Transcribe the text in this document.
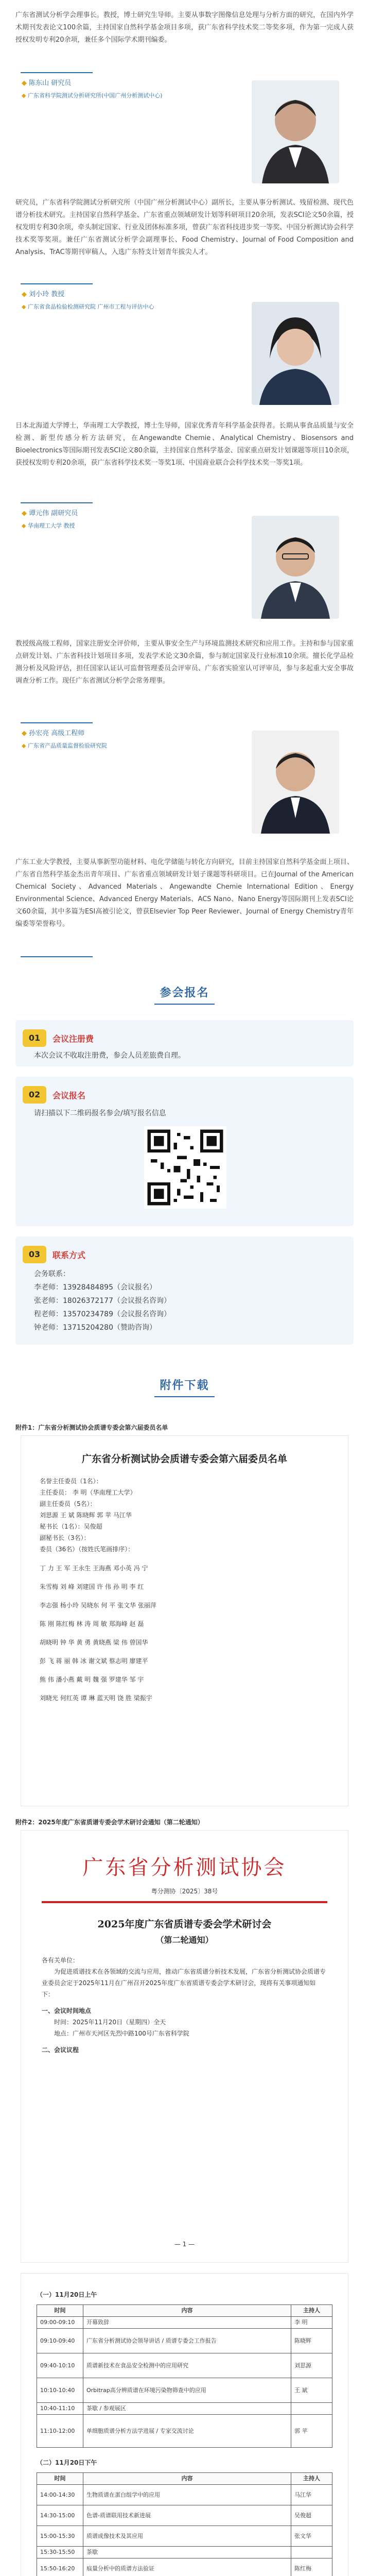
广东省测试分析学会理事长。教授，博士研究生导师。主要从事数字图像信息处理与分析方面的研究，在国内外学术期刊发表论文100余篇，主持国家自然科学基金项目多项，获广东省科学技术奖二等奖多项，作为第一完成人获授权发明专利20余项，兼任多个国际学术期刊编委。

◆ 陈东山 研究员
◆ 广东省科学院测试分析研究所(中国广州分析测试中心)

研究员，广东省科学院测试分析研究所（中国广州分析测试中心）副所长，主要从事分析测试、残留检测、现代色谱分析技术研究。主持国家自然科学基金、广东省重点领域研发计划等科研项目20余项，发表SCI论文50余篇，授权发明专利30余项，牵头制定国家、行业及团体标准多项，曾获广东省科技进步奖一等奖、中国分析测试协会科学技术奖等奖项。兼任广东省测试分析学会副理事长、Food Chemistry、Journal of Food Composition and Analysis、TrAC等期刊审稿人，入选广东特支计划青年拔尖人才。

◆ 刘小玲 教授
◆ 广东省食品检验检测研究院 广州市工程与评估中心

日本北海道大学博士，华南理工大学教授，博士生导师，国家优秀青年科学基金获得者。长期从事食品质量与安全检测、新型传感分析方法研究，在Angewandte Chemie、Analytical Chemistry、Biosensors and Bioelectronics等国际期刊发表SCI论文80余篇，主持国家自然科学基金、国家重点研发计划课题等项目10余项，获授权发明专利20余项，获广东省科学技术奖一等奖1项、中国商业联合会科学技术奖一等奖1项。

◆ 谭元伟 副研究员
◆ 华南理工大学 教授

教授级高级工程师，国家注册安全评价师，主要从事安全生产与环境监测技术研究和应用工作。主持和参与国家重点研发计划、广东省科技计划项目多项，发表学术论文30余篇，参与制定国家及行业标准10余项。擅长化学品检测分析及风险评估，担任国家认证认可监督管理委员会评审员、广东省实验室认可评审员，参与多起重大安全事故调查分析工作。现任广东省测试分析学会常务理事。

◆ 孙宏亮 高级工程师
◆ 广东省产品质量监督检验研究院

广东工业大学教授，主要从事新型功能材料、电化学储能与转化方向研究，目前主持国家自然科学基金面上项目、广东省自然科学基金杰出青年项目、广东省重点领域研发计划子课题等科研项目。已在Journal of the American Chemical Society、Advanced Materials、Angewandte Chemie International Edition、Energy Environmental Science、Advanced Energy Materials、ACS Nano、Nano Energy等国际期刊上发表SCI论文60余篇，其中多篇为ESI高被引论文，曾获Elsevier Top Peer Reviewer、Journal of Energy Chemistry青年编委等荣誉称号。

参会报名
01	会议注册费
本次会议不收取注册费，参会人员差旅费自理。
02	会议报名
请扫描以下二维码报名参会/填写报名信息
03	联系方式
会务联系：
李老师：13928484895（会议报名）
张老师：18026372177（会议报名咨询）
程老师：13570234789（会议报名咨询）
钟老师：13715204280（赞助咨询）
附件下载
附件1：广东省分析测试协会质谱专委会第六届委员名单
广东省分析测试协会质谱专委会第六届委员名单
名誉主任委员（1名）：
主任委员： 李 明（华南理工大学）
副主任委员（5名）：
刘思源 王 斌 陈晓辉 郭 苹 马江华
秘书长（1名）：吴俊超
副秘书长（3名）：
委员（36名）（按姓氏笔画排序）：
丁 力 王 军 王永生 王海燕 邓小英 冯 宁
朱雪梅 刘 峰 刘建国 许 伟 孙 明 李 红
李志强 杨小玲 吴晓东 何 平 张文华 张丽萍
陈 刚 陈红梅 林 涛 周 敏 郑海峰 赵 磊
胡晓明 钟 华 黄 勇 黄晓燕 梁 伟 曾国华
彭 飞 蒋 丽 韩 冰 谢文斌 蔡志明 廖建平
熊 伟 潘小燕 戴 明 魏 强 罗建华 邹 宇
刘晓光 何红英 谭 琳 蓝天明 饶 胜 梁振宇
附件2：2025年度广东省质谱专委会学术研讨会通知（第二轮通知）
广东省分析测试协会
粤分测协〔2025〕38号
2025年度广东省质谱专委会学术研讨会
（第二轮通知）
各有关单位：
为促进质谱技术在各领域的交流与应用，推动广东省质谱分析技术发展，广东省分析测试协会质谱专业委员会定于2025年11月在广州召开2025年度广东省质谱专委会学术研讨会，现将有关事项通知如下：
一、会议时间地点
时间：2025年11月20日（星期四）全天
地点：广州市天河区先烈中路100号广东省科学院
二、会议议程
— 1 —
（一）11月20日上午
时间	内容	主持人
09:00-09:10	开幕致辞	李 明
09:10-09:40	广东省分析测试协会领导讲话 / 质谱专委会工作报告	陈晓辉
09:40-10:10	质谱新技术在食品安全检测中的应用研究	刘思源
10:10-10:40	Orbitrap高分辨质谱在环境污染物筛查中的应用	王 斌
10:40-11:10	茶歇 / 参观展区	
11:10-12:00	单细胞质谱分析方法学进展 / 专家交流讨论	郭 苹
（二）11月20日下午
时间	内容	主持人
14:00-14:30	生物质谱在蛋白组学中的应用	马江华
14:30-15:00	色谱-质谱联用技术新进展	吴俊超
15:00-15:30	质谱成像技术及其应用	张文华
15:30-15:50	茶歇	
15:50-16:20	痕量分析中的质谱方法验证	陈红梅
